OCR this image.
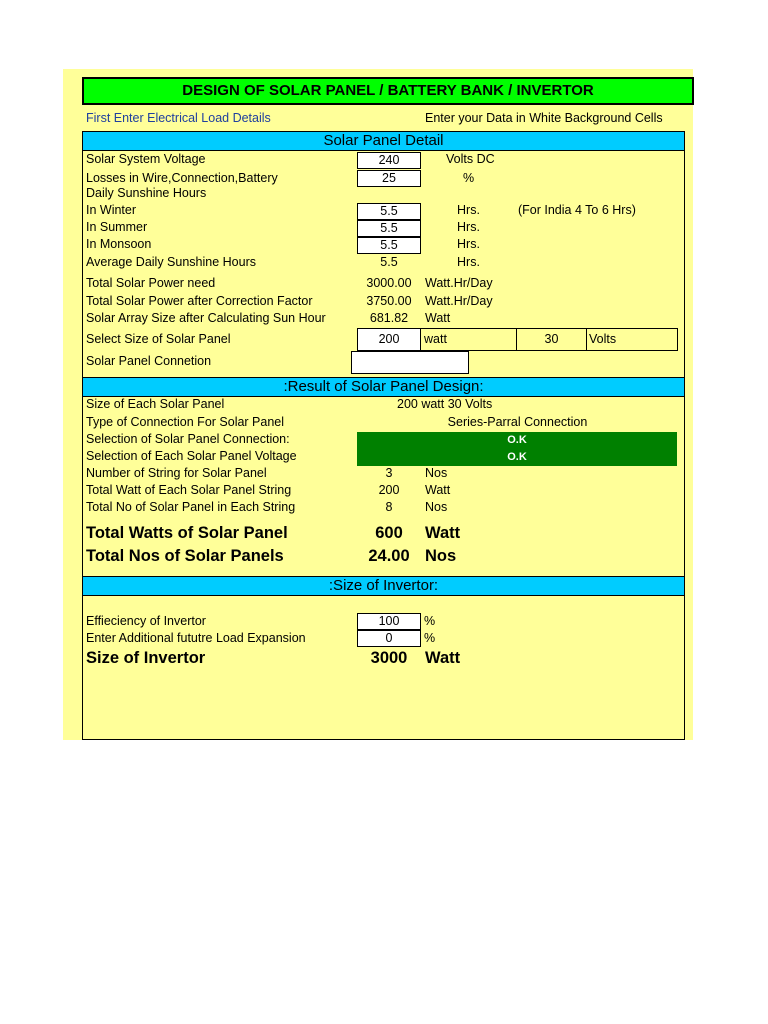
DESIGN OF SOLAR PANEL / BATTERY BANK / INVERTOR
First Enter Electrical Load Details	Enter your Data in White Background Cells
Solar Panel Detail
Solar System Voltage	240	Volts DC
Losses in Wire,Connection,Battery	25	%
Daily Sunshine Hours
In Winter	5.5	Hrs.	(For India 4 To 6 Hrs)
In Summer	5.5	Hrs.
In Monsoon	5.5	Hrs.
Average Daily Sunshine Hours	5.5	Hrs.
Total Solar Power need	3000.00	Watt.Hr/Day
Total Solar Power after Correction Factor	3750.00	Watt.Hr/Day
Solar Array Size after Calculating Sun Hour	681.82	Watt
Select Size of Solar Panel	200	watt	30	Volts
Solar Panel Connetion
:Result of Solar Panel Design:
Size of Each Solar Panel	200 watt 30 Volts
Type of Connection For Solar Panel	Series-Parral Connection
Selection of Solar Panel Connection:	O.K
Selection of Each Solar Panel Voltage	O.K
Number of String for Solar Panel	3	Nos
Total Watt of Each Solar Panel String	200	Watt
Total No of Solar Panel in Each String	8	Nos
Total Watts of Solar Panel	600	Watt
Total Nos of Solar Panels	24.00 Nos
:Size of Invertor:
Effieciency of Invertor	100	%
Enter Additional fututre Load Expansion	0	%
Size of Invertor	3000	Watt
